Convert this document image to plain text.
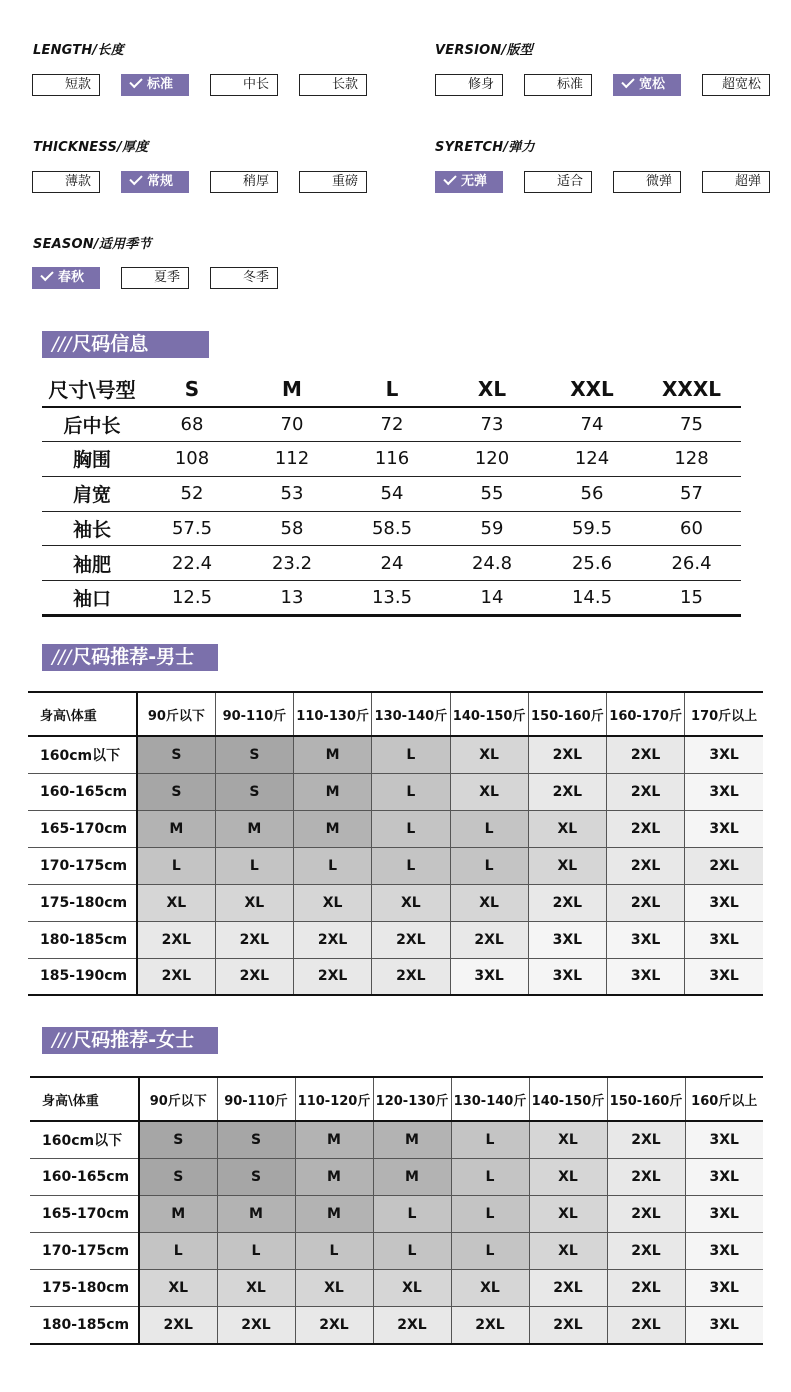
LENGTH/长度
短款	标准	中长	长款
VERSION/版型
修身	标准	宽松	超宽松
THICKNESS/厚度
薄款	常规	稍厚	重磅
SYRETCH/弹力
无弹	适合	微弹	超弹
SEASON/适用季节
春秋	夏季	冬季
///尺码信息
尺寸\号型	S	M	L	XL	XXL	XXXL
后中长	68	70	72	73	74	75
胸围	108	112	116	120	124	128
肩宽	52	53	54	55	56	57
袖长	57.5	58	58.5	59	59.5	60
袖肥	22.4	23.2	24	24.8	25.6	26.4
袖口	12.5	13	13.5	14	14.5	15
///尺码推荐-男士
身高\体重	90斤以下	90-110斤	110-130斤	130-140斤	140-150斤	150-160斤	160-170斤	170斤以上
160cm以下	S	S	M	L	XL	2XL	2XL	3XL
160-165cm	S	S	M	L	XL	2XL	2XL	3XL
165-170cm	M	M	M	L	L	XL	2XL	3XL
170-175cm	L	L	L	L	L	XL	2XL	2XL
175-180cm	XL	XL	XL	XL	XL	2XL	2XL	3XL
180-185cm	2XL	2XL	2XL	2XL	2XL	3XL	3XL	3XL
185-190cm	2XL	2XL	2XL	2XL	3XL	3XL	3XL	3XL
///尺码推荐-女士
身高\体重	90斤以下	90-110斤	110-120斤	120-130斤	130-140斤	140-150斤	150-160斤	160斤以上
160cm以下	S	S	M	M	L	XL	2XL	3XL
160-165cm	S	S	M	M	L	XL	2XL	3XL
165-170cm	M	M	M	L	L	XL	2XL	3XL
170-175cm	L	L	L	L	L	XL	2XL	3XL
175-180cm	XL	XL	XL	XL	XL	2XL	2XL	3XL
180-185cm	2XL	2XL	2XL	2XL	2XL	2XL	2XL	3XL
